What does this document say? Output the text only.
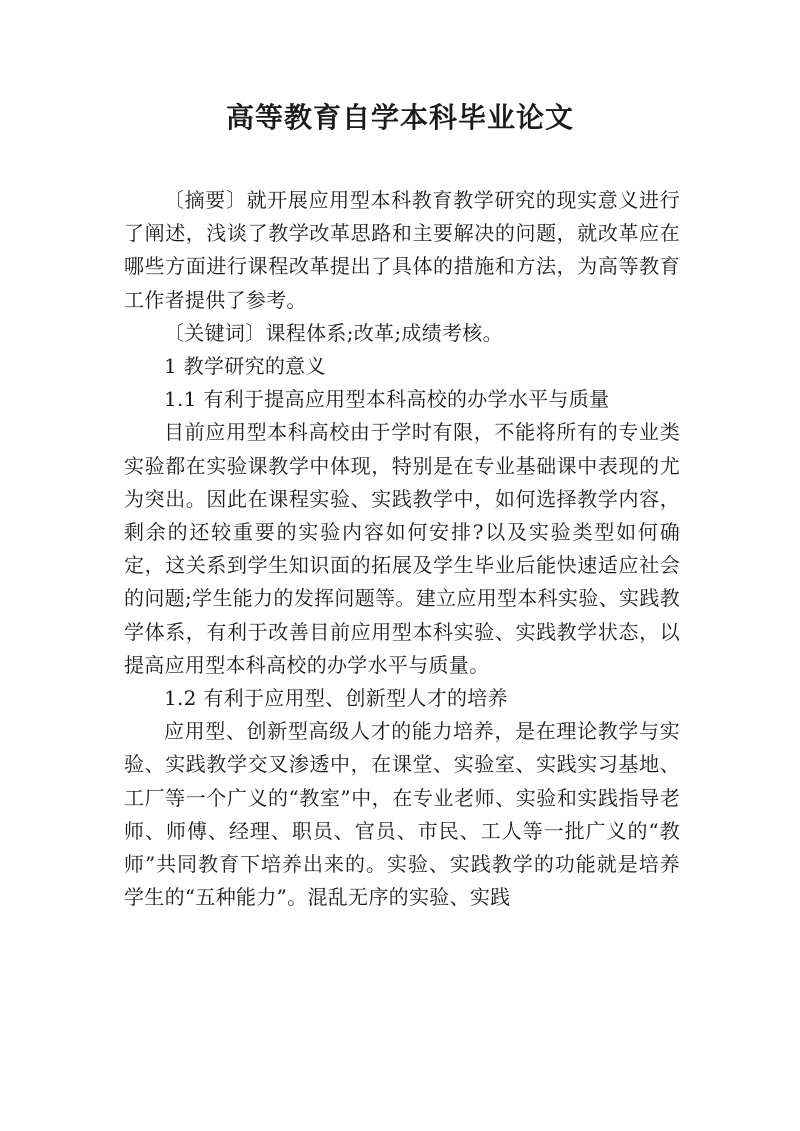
高等教育自学本科毕业论文

〔摘要〕就开展应用型本科教育教学研究的现实意义进行了阐述，浅谈了教学改革思路和主要解决的问题，就改革应在哪些方面进行课程改革提出了具体的措施和方法，为高等教育工作者提供了参考。

〔关键词〕课程体系;改革;成绩考核。

1 教学研究的意义

1.1 有利于提高应用型本科高校的办学水平与质量

目前应用型本科高校由于学时有限，不能将所有的专业类实验都在实验课教学中体现，特别是在专业基础课中表现的尤为突出。因此在课程实验、实践教学中，如何选择教学内容，剩余的还较重要的实验内容如何安排?以及实验类型如何确定，这关系到学生知识面的拓展及学生毕业后能快速适应社会的问题;学生能力的发挥问题等。建立应用型本科实验、实践教学体系，有利于改善目前应用型本科实验、实践教学状态，以提高应用型本科高校的办学水平与质量。

1.2 有利于应用型、创新型人才的培养

应用型、创新型高级人才的能力培养，是在理论教学与实验、实践教学交叉渗透中，在课堂、实验室、实践实习基地、工厂等一个广义的“教室”中，在专业老师、实验和实践指导老师、师傅、经理、职员、官员、市民、工人等一批广义的“教师”共同教育下培养出来的。实验、实践教学的功能就是培养学生的“五种能力”。混乱无序的实验、实践
